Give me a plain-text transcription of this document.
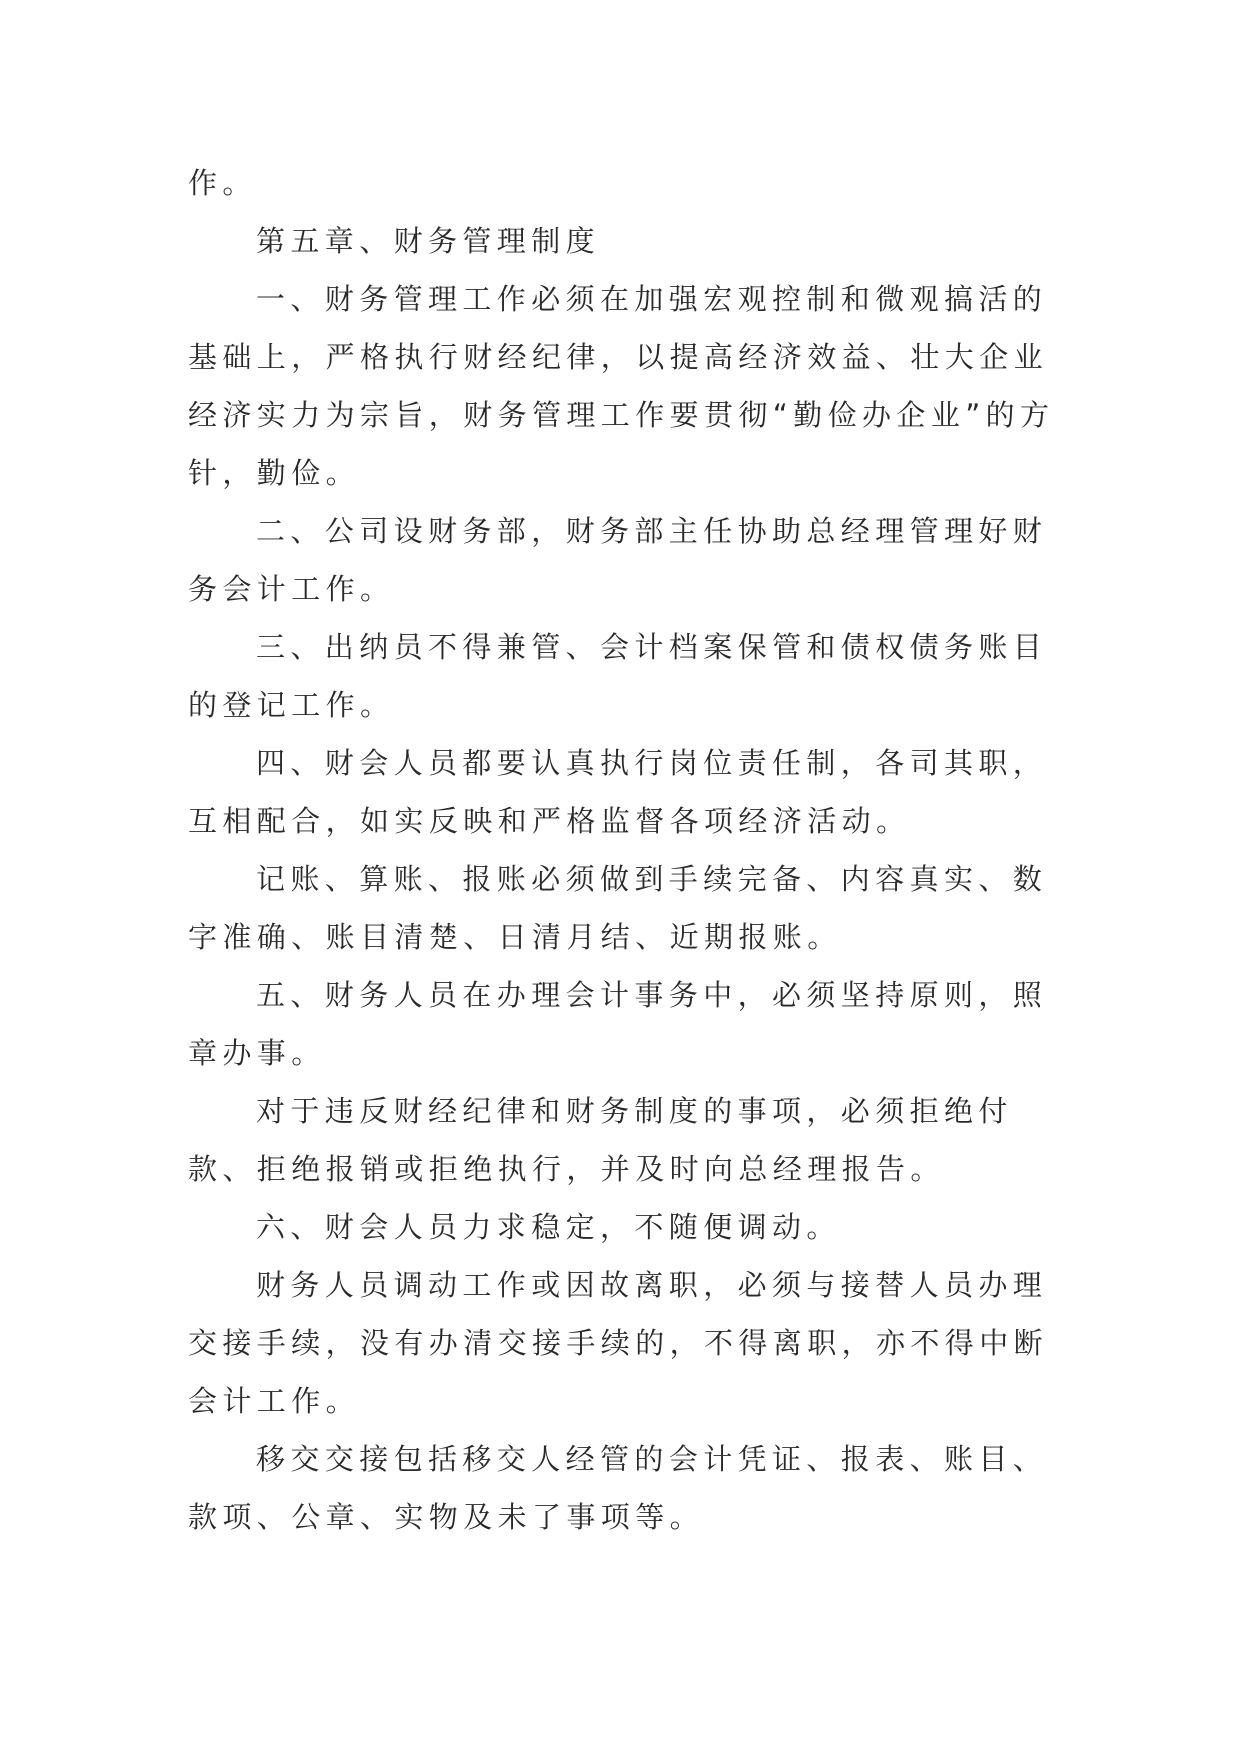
作。

第五章、财务管理制度

一、财务管理工作必须在加强宏观控制和微观搞活的基础上，严格执行财经纪律，以提高经济效益、壮大企业经济实力为宗旨，财务管理工作要贯彻“勤俭办企业”的方针，勤俭。

二、公司设财务部，财务部主任协助总经理管理好财务会计工作。

三、出纳员不得兼管、会计档案保管和债权债务账目的登记工作。

四、财会人员都要认真执行岗位责任制，各司其职，互相配合，如实反映和严格监督各项经济活动。

记账、算账、报账必须做到手续完备、内容真实、数字准确、账目清楚、日清月结、近期报账。

五、财务人员在办理会计事务中，必须坚持原则，照章办事。

对于违反财经纪律和财务制度的事项，必须拒绝付款、拒绝报销或拒绝执行，并及时向总经理报告。

六、财会人员力求稳定，不随便调动。

财务人员调动工作或因故离职，必须与接替人员办理交接手续，没有办清交接手续的，不得离职，亦不得中断会计工作。

移交交接包括移交人经管的会计凭证、报表、账目、款项、公章、实物及未了事项等。
